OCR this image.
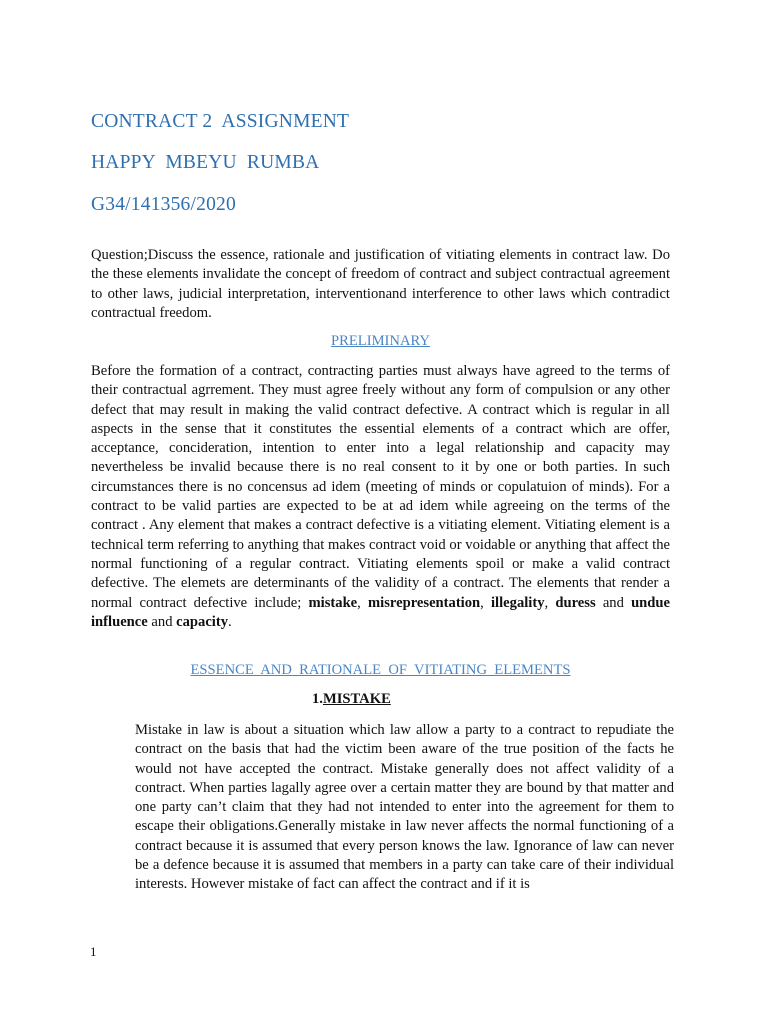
CONTRACT 2  ASSIGNMENT
HAPPY  MBEYU  RUMBA
G34/141356/2020

Question;Discuss the essence, rationale and justification of vitiating elements in contract law. Do the these elements invalidate the concept of freedom of contract and subject contractual agreement to other laws, judicial interpretation, interventionand interference to other laws which contradict contractual freedom.

PRELIMINARY

Before the formation of a contract, contracting parties must always have agreed to the terms of their contractual agrrement. They must agree freely without any form of compulsion or any other defect that may result in making the valid contract defective. A contract which is regular in all aspects in the sense that it constitutes the essential elements of a contract which are offer, acceptance, concideration, intention to enter into a legal relationship and capacity may nevertheless be invalid because there is no real consent to it by one or both parties. In such circumstances there is no concensus ad idem (meeting of minds or copulatuion of minds). For a contract to be valid parties are expected to be at ad idem while agreeing on the terms of the contract . Any element that makes a contract defective is a vitiating element. Vitiating element is a technical term referring to anything that makes contract void or voidable or anything that affect the normal functioning of a regular contract. Vitiating elements spoil or make a valid contract defective. The elemets are determinants of the validity of a contract. The elements that render a normal contract defective include; mistake, misrepresentation, illegality, duress and undue influence and capacity.

ESSENCE  AND  RATIONALE  OF  VITIATING  ELEMENTS
1.MISTAKE

Mistake in law is about a situation which law allow a party to a contract to repudiate the contract on the basis that had the victim been aware of the true position of the facts he would not have accepted the contract. Mistake generally does not affect validity of a contract. When parties lagally agree over a certain matter they are bound by that matter and one party can’t claim that they had not intended to enter into the agreement for them to escape their obligations.Generally mistake in law never affects the normal functioning of a contract because it is assumed that every person knows the law. Ignorance of law can never be a defence because it is assumed that members in a party can take care of their individual interests. However mistake of fact can affect the contract and if it is

1
